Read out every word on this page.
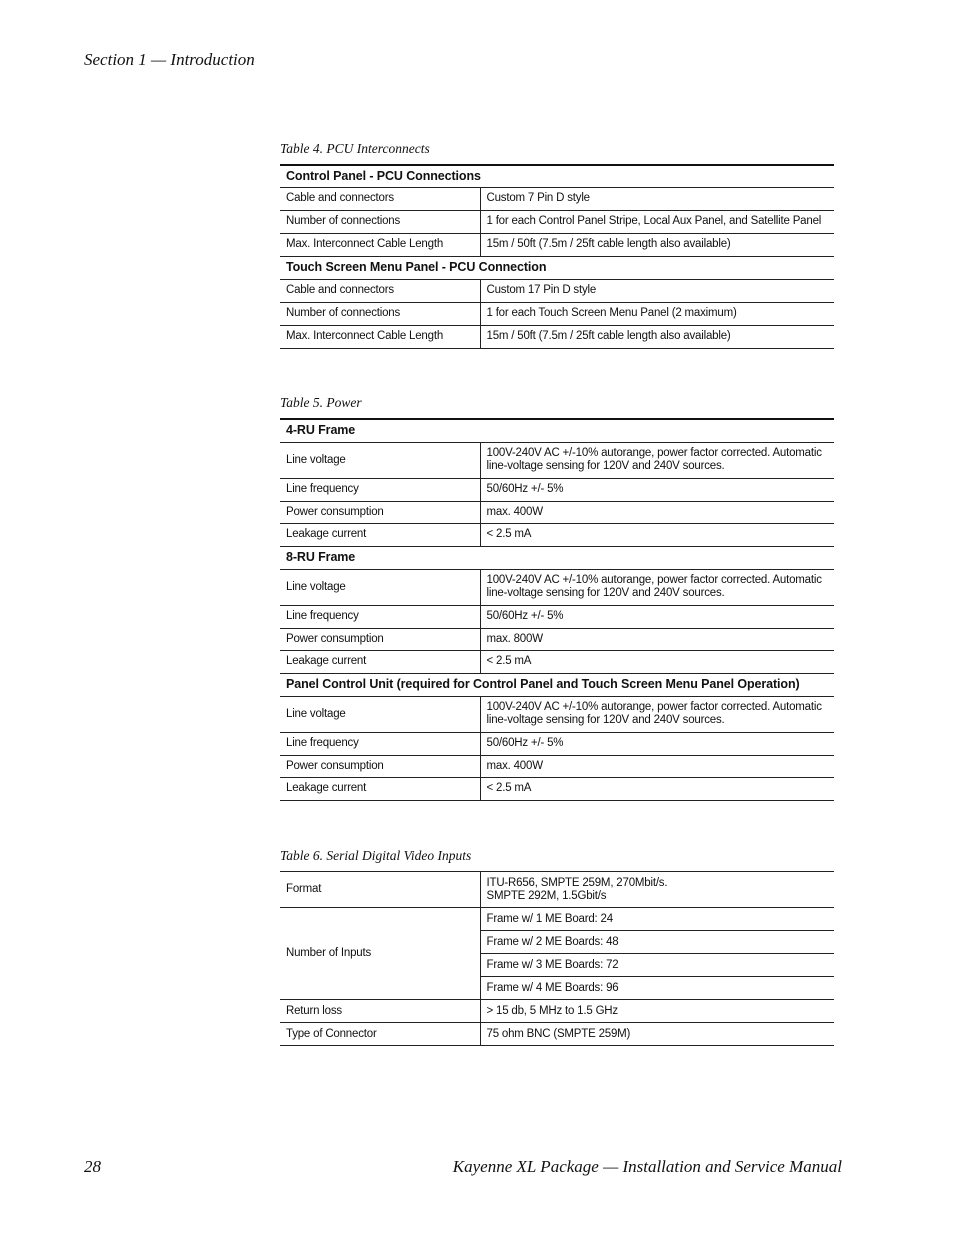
Section 1 — Introduction
Table 4. PCU Interconnects
Control Panel - PCU Connections	
Cable and connectors	Custom 7 Pin D style
Number of connections	1 for each Control Panel Stripe, Local Aux Panel, and Satellite Panel
Max. Interconnect Cable Length	15m / 50ft (7.5m / 25ft cable length also available)
Touch Screen Menu Panel - PCU Connection	
Cable and connectors	Custom 17 Pin D style
Number of connections	1 for each Touch Screen Menu Panel (2 maximum)
Max. Interconnect Cable Length	15m / 50ft (7.5m / 25ft cable length also available)
Table 5. Power
4-RU Frame	
Line voltage	100V-240V AC +/-10% autorange, power factor corrected. Automatic line-voltage sensing for 120V and 240V sources.
Line frequency	50/60Hz +/- 5%
Power consumption	max. 400W
Leakage current	< 2.5 mA
8-RU Frame	
Line voltage	100V-240V AC +/-10% autorange, power factor corrected. Automatic line-voltage sensing for 120V and 240V sources.
Line frequency	50/60Hz +/- 5%
Power consumption	max. 800W
Leakage current	< 2.5 mA
Panel Control Unit (required for Control Panel and Touch Screen Menu Panel Operation)	
Line voltage	100V-240V AC +/-10% autorange, power factor corrected. Automatic line-voltage sensing for 120V and 240V sources.
Line frequency	50/60Hz +/- 5%
Power consumption	max. 400W
Leakage current	< 2.5 mA
Table 6. Serial Digital Video Inputs
Format	ITU-R656, SMPTE 259M, 270Mbit/s.
SMPTE 292M, 1.5Gbit/s

Number of Inputs	Frame w/ 1 ME Board: 24
	Frame w/ 2 ME Boards: 48
	Frame w/ 3 ME Boards: 72
	Frame w/ 4 ME Boards: 96
Return loss	> 15 db, 5 MHz to 1.5 GHz
Type of Connector	75 ohm BNC (SMPTE 259M)
28	Kayenne XL Package — Installation and Service Manual
